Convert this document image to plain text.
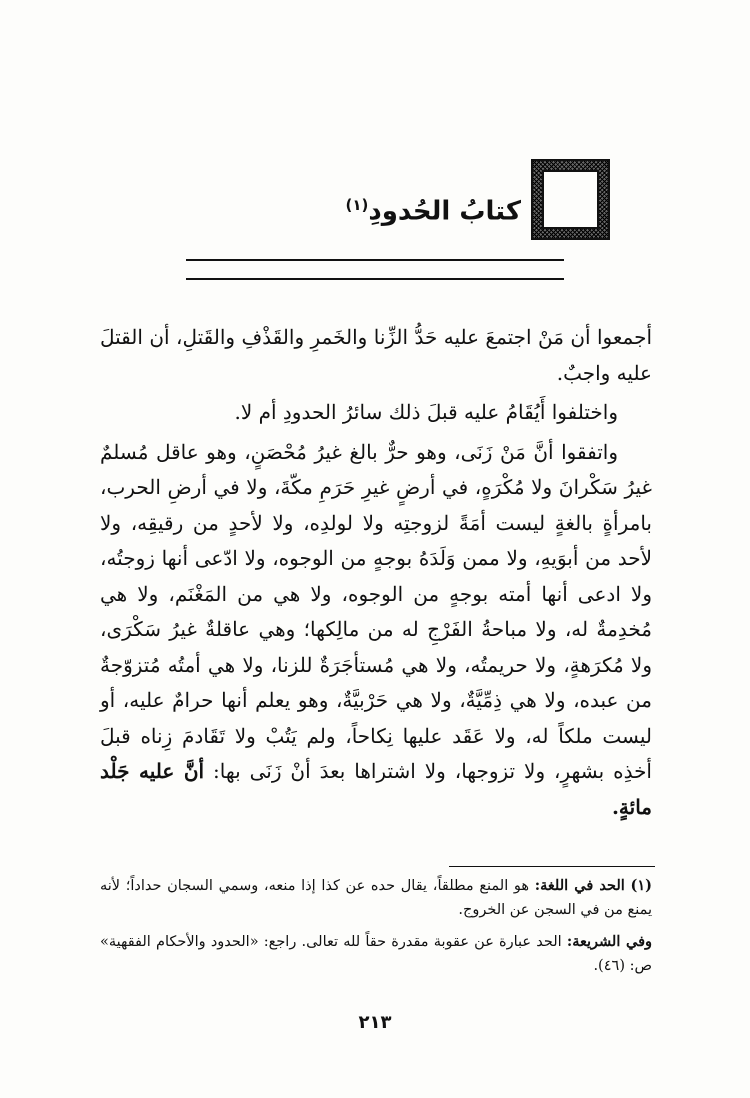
كتابُ الحُدودِ$^{(١)}$

أجمعوا أن مَنْ اجتمعَ عليه حَدُّ الزِّنا والخَمرِ والقَذْفِ والقَتلِ، أن القتلَ عليه واجبٌ.

واختلفوا أَيُقَامُ عليه قبلَ ذلك سائرُ الحدودِ أم لا.

واتفقوا أنَّ مَنْ زَنَى، وهو حرٌّ بالغ غيرُ مُحْصَنٍ، وهو عاقل مُسلمٌ غيرُ سَكْرانَ ولا مُكْرَهٍ، في أرضٍ غيرِ حَرَمِ مكّةَ، ولا في أرضِ الحرب، بامرأةٍ بالغةٍ ليست أمَةً لزوجتِه ولا لولدِه، ولا لأحدٍ من رقيقِه، ولا لأحد من أبوَيهِ، ولا ممن وَلَدَهُ بوجهٍ من الوجوه، ولا ادّعى أنها زوجتُه، ولا ادعى أنها أمته بوجهٍ من الوجوه، ولا هي من المَغْنَم، ولا هي مُخدِمةٌ له، ولا مباحةُ الفَرْجِ له من مالِكها؛ وهي عاقلةٌ غيرُ سَكْرَى، ولا مُكرَهةٍ، ولا حريمتُه، ولا هي مُستأجَرَةٌ للزنا، ولا هي أمتُه مُتزوّجةٌ من عبده، ولا هي ذِمِّيَّةٌ، ولا هي حَرْبيَّةٌ، وهو يعلم أنها حرامٌ عليه، أو ليست ملكاً له، ولا عَقَد عليها نِكاحاً، ولم يَتُبْ ولا تَقَادمَ زِناه قبلَ أخذِه بشهرٍ، ولا تزوجها، ولا اشتراها بعدَ أنْ زَنَى بها: أنَّ عليه جَلْد مائةٍ.

(١) الحد في اللغة: هو المنع مطلقاً، يقال حده عن كذا إذا منعه، وسمي السجان حداداً؛ لأنه يمنع من في السجن عن الخروج.

وفي الشريعة: الحد عبارة عن عقوبة مقدرة حقاً لله تعالى. راجع: «الحدود والأحكام الفقهية» ص: (٤٦).

٢١٣
